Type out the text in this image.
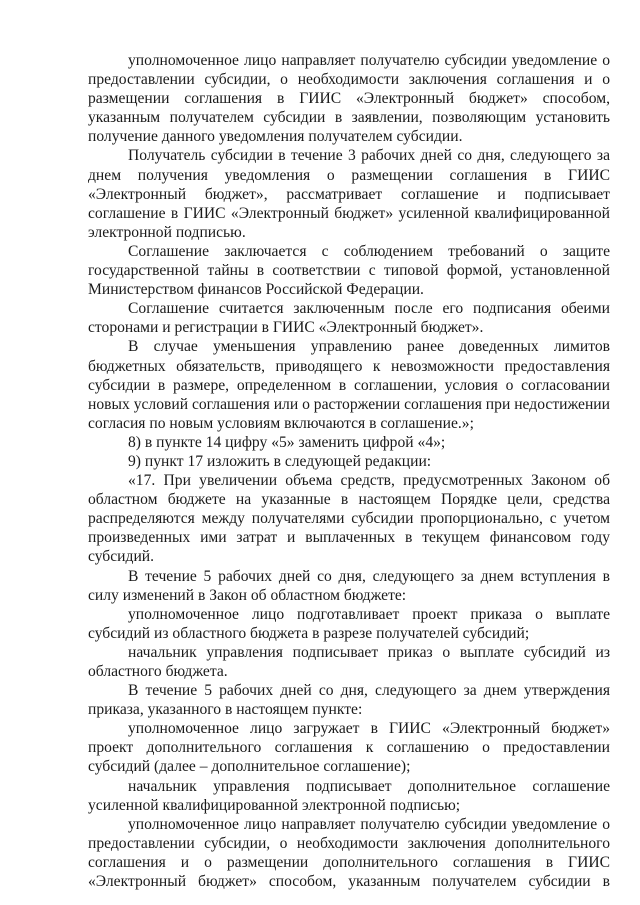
уполномоченное лицо направляет получателю субсидии уведомление о предоставлении субсидии, о необходимости заключения соглашения и о размещении соглашения в ГИИС «Электронный бюджет» способом, указанным получателем субсидии в заявлении, позволяющим установить получение данного уведомления получателем субсидии.

Получатель субсидии в течение 3 рабочих дней со дня, следующего за днем получения уведомления о размещении соглашения в ГИИС «Электронный бюджет», рассматривает соглашение и подписывает соглашение в ГИИС «Электронный бюджет» усиленной квалифицированной электронной подписью.

Соглашение заключается с соблюдением требований о защите государственной тайны в соответствии с типовой формой, установленной Министерством финансов Российской Федерации.

Соглашение считается заключенным после его подписания обеими сторонами и регистрации в ГИИС «Электронный бюджет».

В случае уменьшения управлению ранее доведенных лимитов бюджетных обязательств, приводящего к невозможности предоставления субсидии в размере, определенном в соглашении, условия о согласовании новых условий соглашения или о расторжении соглашения при недостижении согласия по новым условиям включаются в соглашение.»;

8) в пункте 14 цифру «5» заменить цифрой «4»;

9) пункт 17 изложить в следующей редакции:

«17. При увеличении объема средств, предусмотренных Законом об областном бюджете на указанные в настоящем Порядке цели, средства распределяются между получателями субсидии пропорционально, с учетом произведенных ими затрат и выплаченных в текущем финансовом году субсидий.

В течение 5 рабочих дней со дня, следующего за днем вступления в силу изменений в Закон об областном бюджете:

уполномоченное лицо подготавливает проект приказа о выплате субсидий из областного бюджета в разрезе получателей субсидий;

начальник управления подписывает приказ о выплате субсидий из областного бюджета.

В течение 5 рабочих дней со дня, следующего за днем утверждения приказа, указанного в настоящем пункте:

уполномоченное лицо загружает в ГИИС «Электронный бюджет» проект дополнительного соглашения к соглашению о предоставлении субсидий (далее – дополнительное соглашение);

начальник управления подписывает дополнительное соглашение усиленной квалифицированной электронной подписью;

уполномоченное лицо направляет получателю субсидии уведомление о предоставлении субсидии, о необходимости заключения дополнительного соглашения и о размещении дополнительного соглашения в ГИИС «Электронный бюджет» способом, указанным получателем субсидии в
